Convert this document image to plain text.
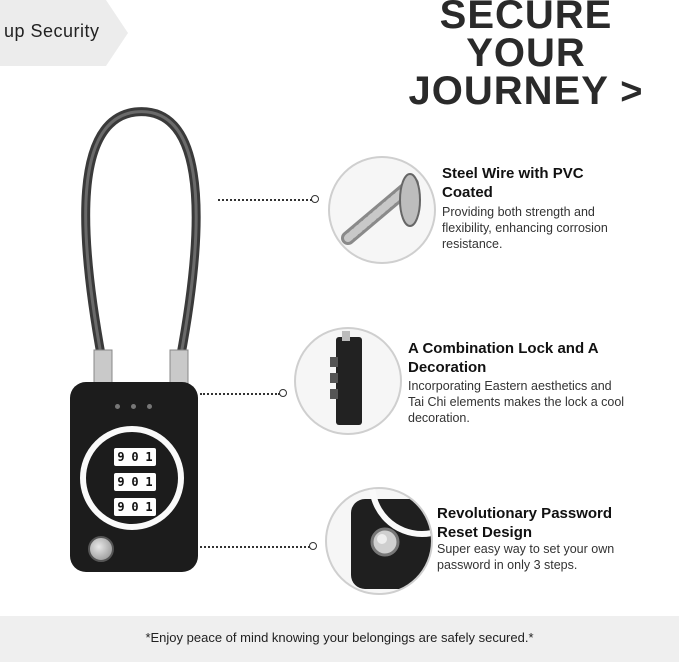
up Security	SECURE
YOUR
JOURNEY >
9 0 1
9 0 1
9 0 1
Steel Wire with PVC Coated
Providing both strength and flexibility, enhancing corrosion resistance.
A Combination Lock and A Decoration
Incorporating Eastern aesthetics and Tai Chi elements makes the lock a cool decoration.
Revolutionary Password Reset Design
Super easy way to set your own password in only 3 steps.
*Enjoy peace of mind knowing your belongings are safely secured.*
